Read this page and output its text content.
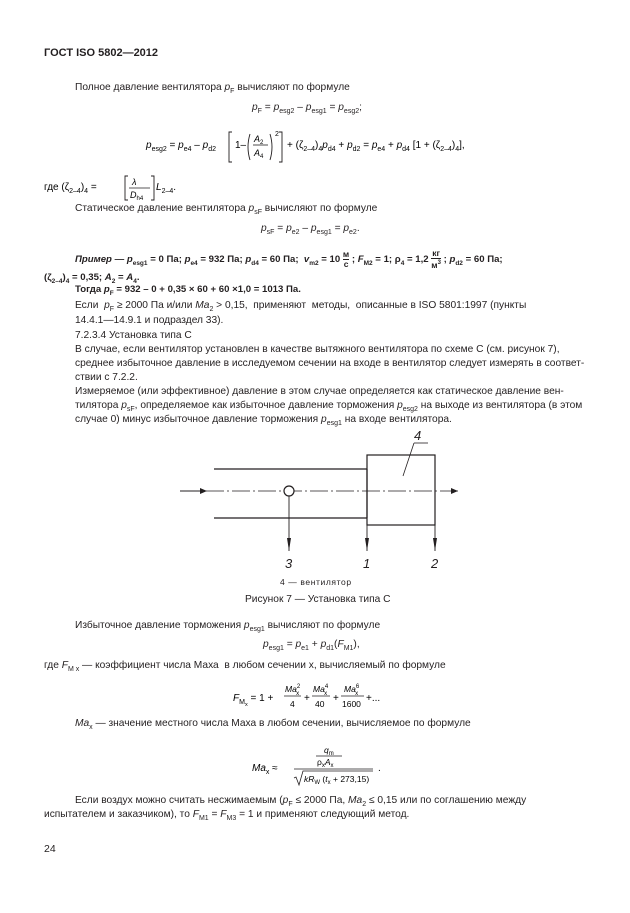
ГОСТ ISO 5802—2012
Полное давление вентилятора $p_F$ вычисляют по формуле
$p_F = p_{esg2} - p_{esg1} = p_{esg2}$;
$p_{esg2} = p_{e4} - p_{d2}$ 1–
$A_2$
$A_4$
2
+ $(\zeta_{2-4})_4p_{d4} + p_{d2} = p_{e4} + p_{d4}$ $[1 + (\zeta_{2-4})_4]$,
где $(\zeta_{2-4})_4$ =	λ
$D_{h4}$
$L_{2-4}$.
Статическое давление вентилятора $p_{sF}$ вычисляют по формуле
$p_{sF} = p_{e2} - p_{esg1} = p_{e2}$.
Пример — $p_{esg1} = 0$ Па; $p_{e4} = 932$ Па; $p_{d4} = 60$ Па;  $v_{m2} = 10$
м
с ; $F_{M2} = 1$; $\rho_4 = 1,2$
кг
$м^3$ ; $p_{d2} = 60$ Па;
$(\zeta_{2-4})_4 = 0,35$; $A_2 = A_4$.
Тогда $p_F = 932 - 0 + 0,35 \times 60 + 60 \times 1,0 = 1013$ Па.
Если  $p_F \ge 2000$ Па и/или $Ma_2 > 0,15$,  применяют  методы,  описанные в ISO 5801:1997 (пункты
14.4.1—14.9.1 и подраздел 33).
7.2.3.4 Установка типа С
В случае, если вентилятор установлен в качестве вытяжного вентилятора по схеме С (см. рисунок 7),
среднее избыточное давление в исследуемом сечении на входе в вентилятор следует измерять в соответ-
ствии с 7.2.2.
Измеряемое (или эффективное) давление в этом случае определяется как статическое давление вен-
тилятора $p_{sF}$, определяемое как избыточное давление торможения $p_{esg2}$ на выходе из вентилятора (в этом
случае 0) минус избыточное давление торможения $p_{esg1}$ на входе вентилятора.
4
3	1	2
4 — вентилятор
Рисунок 7 — Установка типа С
Избыточное давление торможения $p_{esg1}$ вычисляют по формуле
$p_{esg1} = p_{e1} + p_{d1}(F_{M1})$,
где $F_{M x}$ — коэффициент числа Маха  в любом сечении x, вычисляемый по формуле
$F_{Mx} = 1$ +
$Ma^2$ x
4 +
$Ma^4$ x
40 +
$Ma^6$ x
1600 +...
$Ma_x$ — значение местного числа Маха в любом сечении, вычисляемое по формуле
$Ma_x$ ≈
$q_m$
$\rho_xA_x$
$kR_W$ $(t_x + 273,15)$
.
Если воздух можно считать несжимаемым ($p_F \le 2000$ Па, $Ma_2 \le 0,15$ или по соглашению между
испытателем и заказчиком), то $F_{M1} = F_{M3} = 1$ и применяют следующий метод.
24
